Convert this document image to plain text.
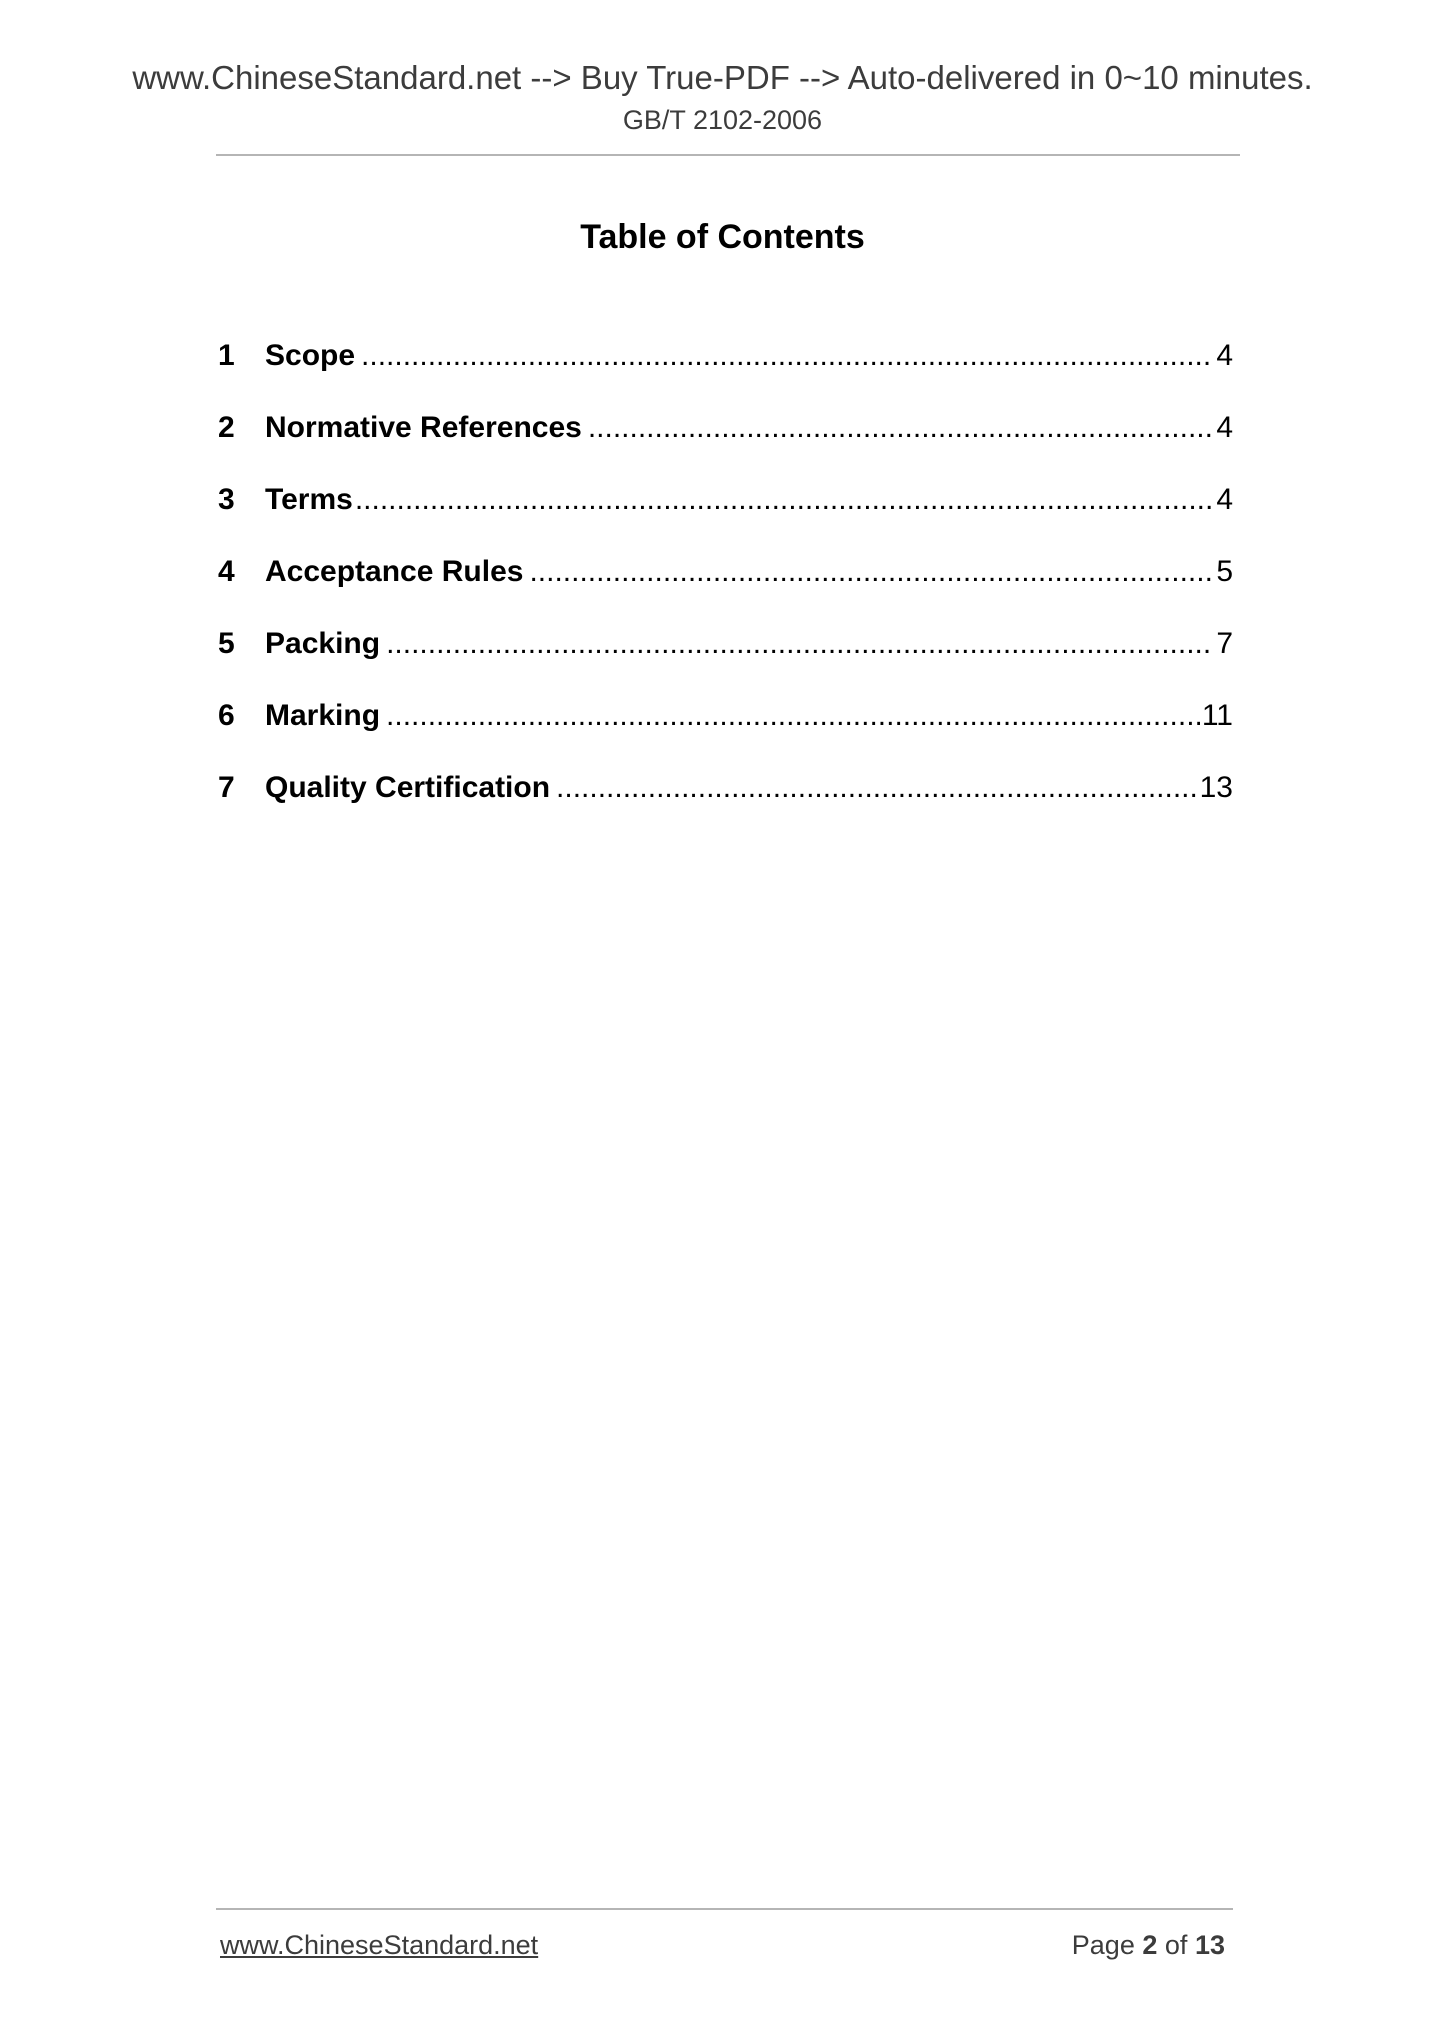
www.ChineseStandard.net --> Buy True-PDF --> Auto-delivered in 0~10 minutes.
GB/T 2102-2006
Table of Contents
1	Scope .....	4
2	Normative References .....	4
3	Terms .....	4
4	Acceptance Rules .....	5
5	Packing .....	7
6	Marking .....	11
7	Quality Certification .....	13
www.ChineseStandard.net	Page 2 of 13
